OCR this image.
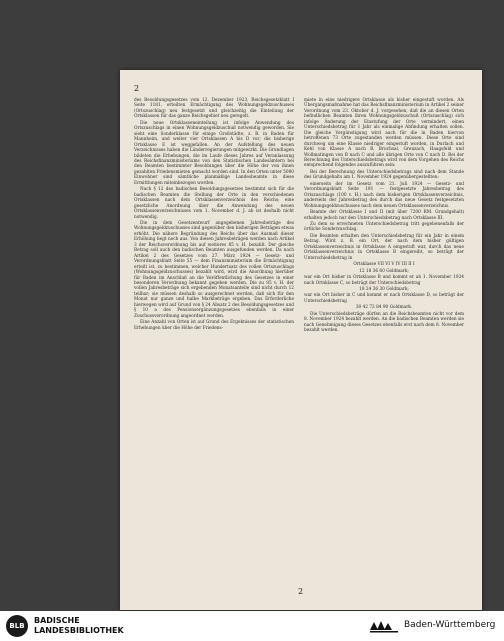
2

des Besoldungsgesetzes vom 12. Dezember 1923, Reichsgesetzblatt I Seite 1181, erteilten Ermächtigung des Wohnungsgeldzuschusses (Ortszuschlag) neu festgesetzt und gleichzeitig die Einteilung der Ortsklassen für das ganze Reichsgebiet neu geregelt.

Die neue Ortsklasseneinteilung ist infolge Anwendung des Ortszuschlags in einen Wohnungsgeldzuschuß notwendig geworden. Sie sieht eine Sonderklasse für einige Großstädte, z. B. in Baden für Mannheim, und weiter vier Ortsklassen A bis D vor; die bisherige Ortsklasse E ist weggefallen. An der Aufstellung des neuen Verzeichnisses haben die Länderregierungen mitgewirkt. Die Grundlagen bildeten die Erhebungen, die im Laufe dieses Jahres auf Veranlassung des Reichsfinanzministeriums von den Statistischen Landesämtern bei den Beamten bestimmter Besoldungen über die Höhe der von ihnen gezahlten Friedensmieten gemacht worden sind. In den Orten unter 5000 Einwohner sind sämtliche planmäßige Landesbeamte in diese Ermittlungen miteinbezogen worden.

Nach § 12 des badischen Besoldungsgesetzes bestimmt sich für die badischen Beamten die Stellung der Orte in den verschiedenen Ortsklassen nach dem Ortsklassenverzeichnis des Reichs; eine gesetzliche Anordnung über die Anwendung des neuen Ortsklassenverzeichnisses vom 1. November d. J. ab ist deshalb nicht notwendig.

Die in dem Gesetzentwurf angegebenen Jahresbeträge des Wohnungsgeldzuschusses sind gegenüber den bisherigen Beträgen etwas erhöht. Die nähere Begründung des Reichs über das Ausmaß dieser Erhöhung liegt noch aus. Von diesen Jahresbeträgen werden nach Artikel 3 der Reichsverordnung bis auf weiteres 85 v. H. bezahlt. Der gleiche Betrag soll auch den badischen Beamten ausgefunden werden. Da nach Artikel 2 des Gesetzes vom 27. März 1924 — Gesetz- und Verordnungsblatt Seite 55 — dem Finanzministerium die Ermächtigung erteilt ist, zu bestimmen, welcher Hundertsatz des vollen Ortszuschlags (Wohnungsgeldzuschusses) bezahlt wird, wird die Anordnung hierüber für Baden im Anschluß an die Veröffentlichung des Gesetzes in einer besonderen Verordnung bekannt gegeben werden. Die zu 85 v. H. der vollen Jahresbeträge sich ergebenden Monatsanteile sind nicht durch 12 teilbar; sie müssen deshalb so ausgerechnet werden, daß sich für den Monat nur ganze und halbe Markbeträge ergeben. Das Erforderliche hierwegen wird auf Grund von § 24 Absatz 2 des Besoldungsgesetzes und § 10 a des Pensionsergänzungsgesetzes ebenfalls in einer Zuschussverordnung angeordnet werden.

Eine Anzahl von Orten ist auf Grund des Ergebnisses der statistischen Erhebungen über die Höhe der Friedens-

miete in eine niedrigere Ortsklasse als bisher eingestuft worden. Als Übergangsmaßnahme hat das Reichsfinanzministerium in Artikel 2 seiner Verordnung vom 23. Oktober d. J. vorgesehen, daß die an diesen Orten befindlichen Beamten ihren Wohnungsgeldzuschuß (Ortszuschlag) sich infolge Änderung der Einstufung der Orte vermindert, einen Unterschiedsbetrag für 1 Jahr als einmalige Abfindung erhalten sollen. Die gleiche Vergünstigung wird auch für die in Baden hiervon betroffenen 73 Orte zugestanden werden müssen. Diese Orte sind durchweg um eine Klasse niedriger eingestuft worden, in Durlach und Kehl von Klasse A nach B, Bruchsal, Grenzach, Haagsfeld und Wollmatingen von B nach C und alle übrigen Orte von C nach D. Bei der Berechnung des Unterschiedsbetrags wird von dem Vorgehen des Reichs entsprechend folgendes auszuführen sein:

Bei der Berechnung des Unterschiedsbetrags sind nach dem Stande des Grundgehalts am 1. November 1924 gegenübergestellten:

einerseits der im Gesetz vom 21. Juli 1924 — Gesetz- und Verordnungsblatt Seite 191 — festgesetzte Jahresbetrag des Ortszuschlags (100 v. H.) nach dem bisherigen Ortsklassenverzeichnis, anderseits der Jahresbetrag des durch das neue Gesetz festgesetzten Wohnungsgeldzuschusses nach dem neuen Ortsklassenverzeichnis.

Beamte der Ortsklasse I und II (mit über 7200 RM. Grundgehalt) erhalten jedoch nur den Unterschiedsbetrag nach Ortsklasse III.

Zu dem so errechneten Unterschiedsbetrag tritt gegebenenfalls der örtliche Sonderzuschlag.

Die Beamten erhalten den Unterschiedsbetrag für ein Jahr in einem Betrag. Wird z. B. ein Ort, der nach dem bisher gültigen Ortsklassenverzeichnis in Ortsklasse A eingestuft war, durch das neue Ortsklassenverzeichnis in Ortsklasse B eingereiht, so beträgt der Unterschiedsbetrag in

Ortsklasse VII VI V IV III II I

12 18 36 60 Goldmark;

war ein Ort bisher in Ortsklasse B und kommt er ab 1. November 1924 nach Ortsklasse C, so beträgt der Unterschiedsbetrag

18 24 36 30 Goldmark;

war ein Ort bisher in C und kommt er nach Ortsklasse D, so beträgt der Unterschiedsbetrag

30 42 72 84 90 Goldmark.

Die Unterschiedsbeträge dürfen an die Reichsbeamten nicht vor dem 8. November 1924 bezahlt werden. An die badischen Beamten werden sie nach Genehmigung dieses Gesetzes ebenfalls erst nach dem 8. November bezahlt werden.

2
BLB
BADISCHE
LANDESBIBLIOTHEK
Baden-Württemberg
